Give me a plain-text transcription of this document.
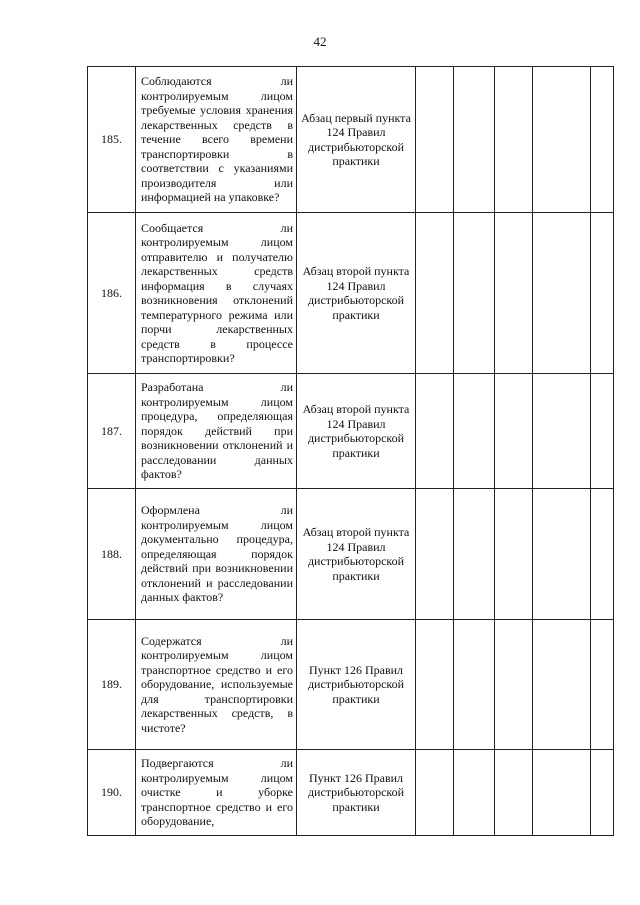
42
185.	Соблюдаются ли контролируемым лицом требуемые условия хранения лекарственных средств в течение всего времени транспортировки в соответствии с указаниями производителя или информацией на упаковке?	Абзац первый пункта 124 Правил дистрибьюторской практики					
186.	Сообщается ли контролируемым лицом отправителю и получателю лекарственных средств информация в случаях возникновения отклонений температурного режима или порчи лекарственных средств в процессе транспортировки?	Абзац второй пункта 124 Правил дистрибьюторской практики					
187.	Разработана ли контролируемым лицом процедура, определяющая порядок действий при возникновении отклонений и расследовании данных фактов?	Абзац второй пункта 124 Правил дистрибьюторской практики					
188.	Оформлена ли контролируемым лицом документально процедура, определяющая порядок действий при возникновении отклонений и расследовании данных фактов?	Абзац второй пункта 124 Правил дистрибьюторской практики					
189.	Содержатся ли контролируемым лицом транспортное средство и его оборудование, используемые для транспортировки лекарственных средств, в чистоте?	Пункт 126 Правил дистрибьюторской практики					
190.	Подвергаются ли контролируемым лицом очистке и уборке транспортное средство и его оборудование,	Пункт 126 Правил дистрибьюторской практики					
